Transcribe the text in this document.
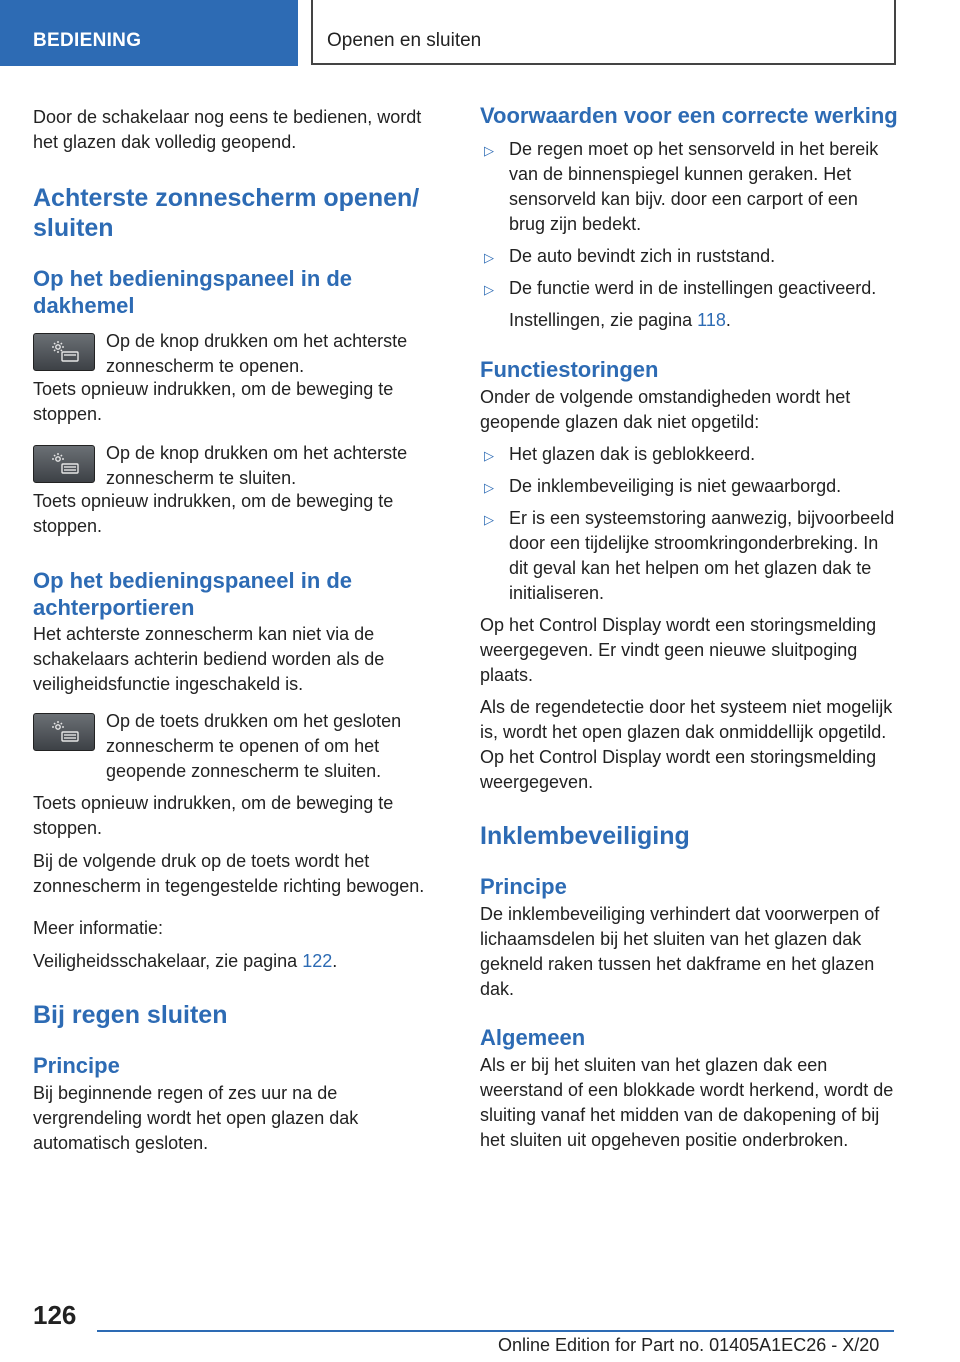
BEDIENING	Openen en sluiten

Door de schakelaar nog eens te bedienen, wordt het glazen dak volledig geopend.

Achterste zonnescherm openen/ sluiten
Op het bedieningspaneel in de dakhemel

Op de knop drukken om het achterste zonnescherm te openen.

Toets opnieuw indrukken, om de beweging te stoppen.

Op de knop drukken om het achterste zonnescherm te sluiten.

Toets opnieuw indrukken, om de beweging te stoppen.

Op het bedieningspaneel in de achterportieren

Het achterste zonnescherm kan niet via de schakelaars achterin bediend worden als de veiligheidsfunctie ingeschakeld is.

Op de toets drukken om het gesloten zonnescherm te openen of om het geopende zonnescherm te sluiten.

Toets opnieuw indrukken, om de beweging te stoppen.

Bij de volgende druk op de toets wordt het zonnescherm in tegengestelde richting bewogen.

Meer informatie:

Veiligheidsschakelaar, zie pagina 122.

Bij regen sluiten
Principe

Bij beginnende regen of zes uur na de vergrendeling wordt het open glazen dak automatisch gesloten.

Voorwaarden voor een correcte werking
▷ De regen moet op het sensorveld in het bereik van de binnenspiegel kunnen geraken. Het sensorveld kan bijv. door een carport of een brug zijn bedekt.
▷ De auto bevindt zich in ruststand.
▷ De functie werd in de instellingen geactiveerd.

Instellingen, zie pagina 118.

Functiestoringen

Onder de volgende omstandigheden wordt het geopende glazen dak niet opgetild:

▷ Het glazen dak is geblokkeerd.
▷ De inklembeveiliging is niet gewaarborgd.
▷ Er is een systeemstoring aanwezig, bijvoorbeeld door een tijdelijke stroomkringonderbreking. In dit geval kan het helpen om het glazen dak te initialiseren.

Op het Control Display wordt een storingsmelding weergegeven. Er vindt geen nieuwe sluitpoging plaats.

Als de regendetectie door het systeem niet mogelijk is, wordt het open glazen dak onmiddellijk opgetild. Op het Control Display wordt een storingsmelding weergegeven.

Inklembeveiliging
Principe

De inklembeveiliging verhindert dat voorwerpen of lichaamsdelen bij het sluiten van het glazen dak gekneld raken tussen het dakframe en het glazen dak.

Algemeen

Als er bij het sluiten van het glazen dak een weerstand of een blokkade wordt herkend, wordt de sluiting vanaf het midden van de dakopening of bij het sluiten uit opgeheven positie onderbroken.

126
Online Edition for Part no. 01405A1EC26 - X/20
